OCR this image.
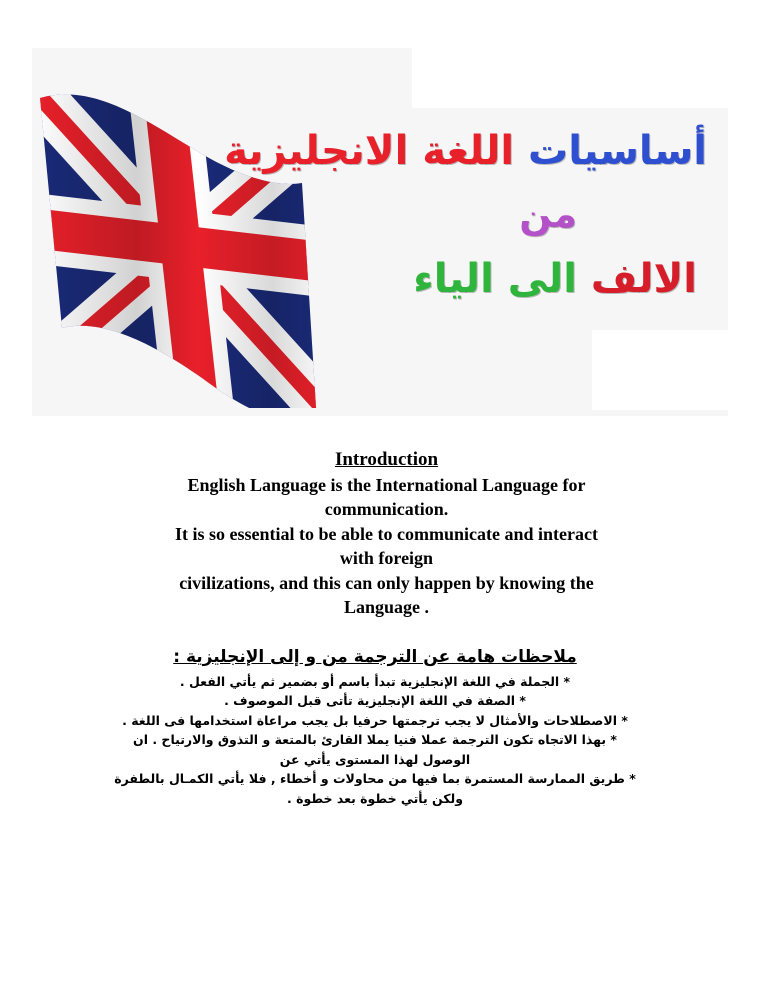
أساسيات اللغة الانجليزية
من
الالف الى الياء
Introduction
English Language is the International Language for
communication.
It is so essential to be able to communicate and interact
with foreign
civilizations, and this can only happen by knowing the
Language .
ملاحظات هامة عن الترجمة من و إلى الإنجليزية :

* الجملة في اللغة الإنجليزية تبدأ باسم أو بضمير ثم يأتي الفعل .

* الصفة في اللغة الإنجليزية تأتى قبل الموصوف .

* الاصطلاحات والأمثال لا يجب ترجمتها حرفيا بل يجب مراعاة استخدامها فى اللغة .

* بهذا الاتجاه تكون الترجمة عملا فنيا يملا القارئ بالمتعة و التذوق والارتياح . ان الوصول لهذا المستوى يأتي عن

* طريق الممارسة المستمرة بما فيها من محاولات و أخطاء , فلا يأتي الكمـال بالطفرة ولكن يأتي خطوة بعد خطوة .
